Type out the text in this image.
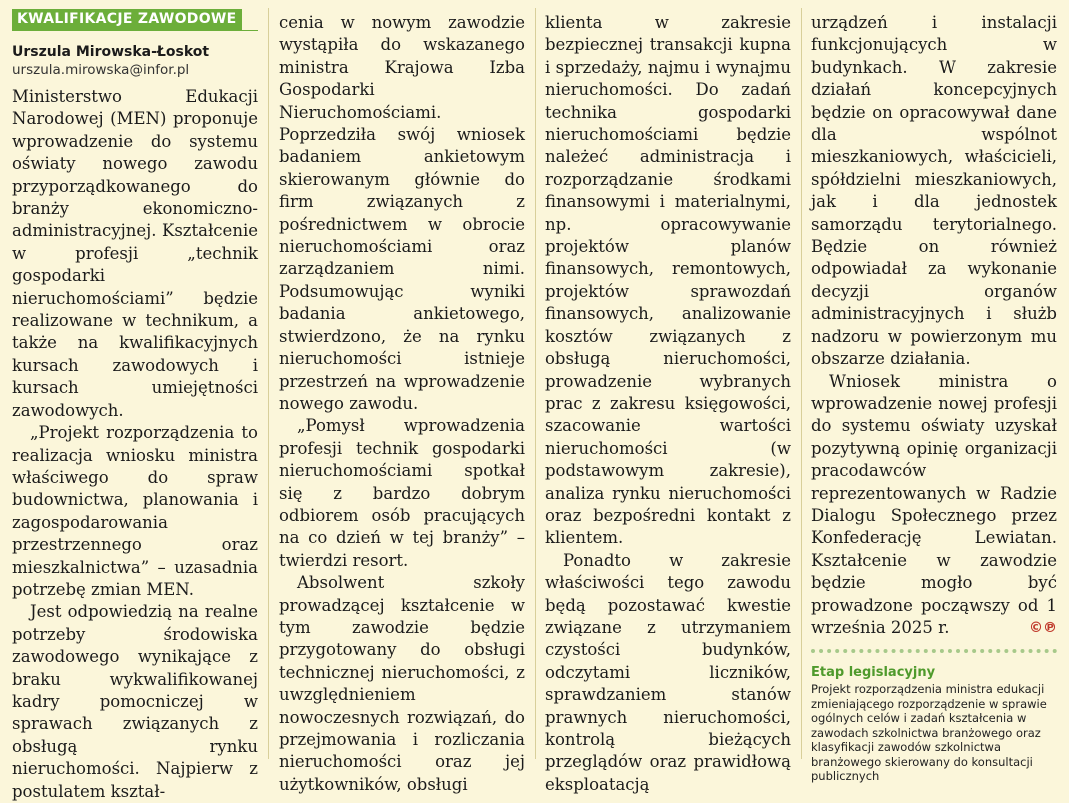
KWALIFIKACJE ZAWODOWE
Urszula Mirowska-Łoskot
urszula.mirowska@infor.pl

Ministerstwo Edukacji Narodowej (MEN) proponuje wprowadzenie do systemu oświaty nowego zawodu przyporządkowanego do branży ekonomiczno-administracyjnej. Kształcenie w profesji „technik gospodarki nieruchomościami” będzie realizowane w technikum, a także na kwalifikacyjnych kursach zawodowych i kursach umiejętności zawodowych.

„Projekt rozporządzenia to realizacja wniosku ministra właściwego do spraw budownictwa, planowania i zagospodarowania przestrzennego oraz mieszkalnictwa” – uzasadnia potrzebę zmian MEN.

Jest odpowiedzią na realne potrzeby środowiska zawodowego wynikające z braku wykwalifikowanej kadry pomocniczej w sprawach związanych z obsługą rynku nieruchomości. Najpierw z postulatem kształ-

cenia w nowym zawodzie wystąpiła do wskazanego ministra Krajowa Izba Gospodarki Nieruchomościami. Poprzedziła swój wniosek badaniem ankietowym skierowanym głównie do firm związanych z pośrednictwem w obrocie nieruchomościami oraz zarządzaniem nimi. Podsumowując wyniki badania ankietowego, stwierdzono, że na rynku nieruchomości istnieje przestrzeń na wprowadzenie nowego zawodu.

„Pomysł wprowadzenia profesji technik gospodarki nieruchomościami spotkał się z bardzo dobrym odbiorem osób pracujących na co dzień w tej branży” – twierdzi resort.

Absolwent szkoły prowadzącej kształcenie w tym zawodzie będzie przygotowany do obsługi technicznej nieruchomości, z uwzględnieniem nowoczesnych rozwiązań, do przejmowania i rozliczania nieruchomości oraz jej użytkowników, obsługi

klienta w zakresie bezpiecznej transakcji kupna i sprzedaży, najmu i wynajmu nieruchomości. Do zadań technika gospodarki nieruchomościami będzie należeć administracja i rozporządzanie środkami finansowymi i materialnymi, np. opracowywanie projektów planów finansowych, remontowych, projektów sprawozdań finansowych, analizowanie kosztów związanych z obsługą nieruchomości, prowadzenie wybranych prac z zakresu księgowości, szacowanie wartości nieruchomości (w podstawowym zakresie), analiza rynku nieruchomości oraz bezpośredni kontakt z klientem.

Ponadto w zakresie właściwości tego zawodu będą pozostawać kwestie związane z utrzymaniem czystości budynków, odczytami liczników, sprawdzaniem stanów prawnych nieruchomości, kontrolą bieżących przeglądów oraz prawidłową eksploatacją

urządzeń i instalacji funkcjonujących w budynkach. W zakresie działań koncepcyjnych będzie on opracowywał dane dla wspólnot mieszkaniowych, właścicieli, spółdzielni mieszkaniowych, jak i dla jednostek samorządu terytorialnego. Będzie on również odpowiadał za wykonanie decyzji organów administracyjnych i służb nadzoru w powierzonym mu obszarze działania.

Wniosek ministra o wprowadzenie nowej profesji do systemu oświaty uzyskał pozytywną opinię organizacji pracodawców reprezentowanych w Radzie Dialogu Społecznego przez Konfederację Lewiatan. Kształcenie w zawodzie będzie mogło być prowadzone począwszy od 1 września 2025 r.	©℗

Etap legislacyjny
Projekt rozporządzenia ministra edukacji zmieniającego rozporządzenie w sprawie ogólnych celów i zadań kształcenia w zawodach szkolnictwa branżowego oraz klasyfikacji zawodów szkolnictwa branżowego skierowany do konsultacji publicznych
